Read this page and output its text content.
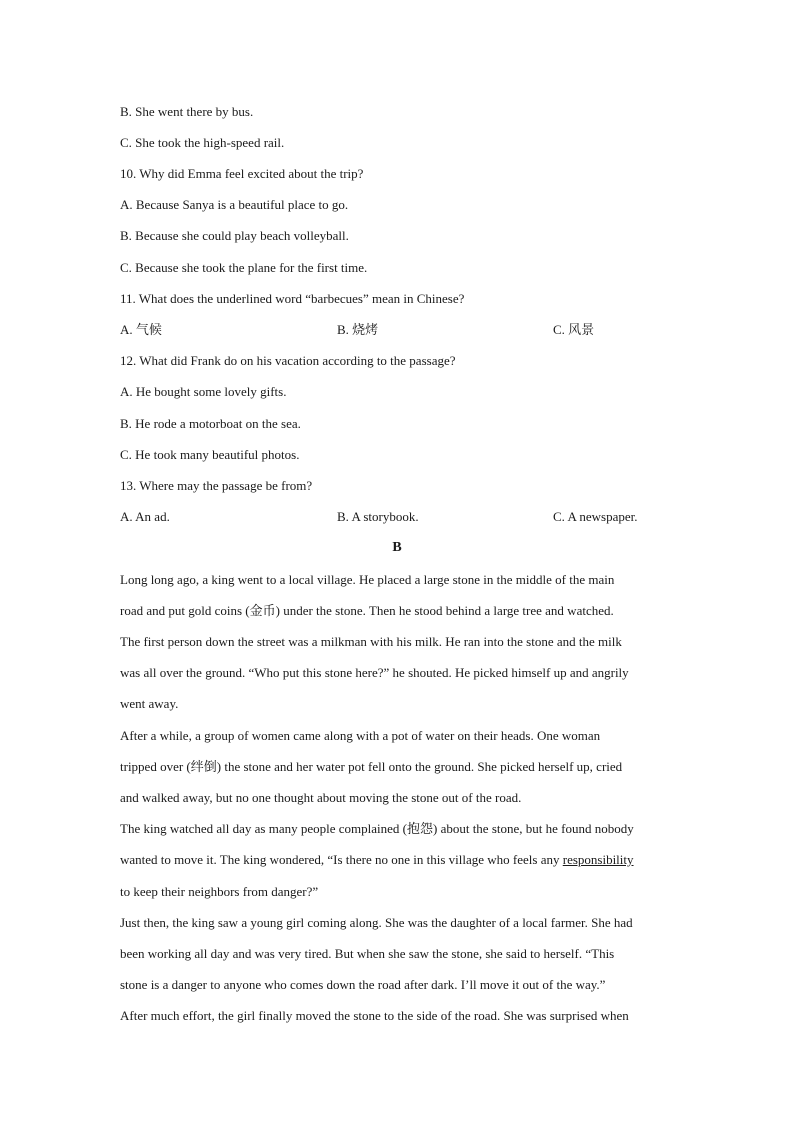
B. She went there by bus.
C. She took the high-speed rail.
10. Why did Emma feel excited about the trip?
A. Because Sanya is a beautiful place to go.
B. Because she could play beach volleyball.
C. Because she took the plane for the first time.
11. What does the underlined word “barbecues” mean in Chinese?
A. 气候	B. 烧烤	C. 风景
12. What did Frank do on his vacation according to the passage?
A. He bought some lovely gifts.
B. He rode a motorboat on the sea.
C. He took many beautiful photos.
13. Where may the passage be from?
A. An ad.	B. A storybook.	C. A newspaper.
B
Long long ago, a king went to a local village. He placed a large stone in the middle of the main
road and put gold coins (金币) under the stone. Then he stood behind a large tree and watched.
The first person down the street was a milkman with his milk. He ran into the stone and the milk
was all over the ground. “Who put this stone here?” he shouted. He picked himself up and angrily
went away.
After a while, a group of women came along with a pot of water on their heads. One woman
tripped over (绊倒) the stone and her water pot fell onto the ground. She picked herself up, cried
and walked away, but no one thought about moving the stone out of the road.
The king watched all day as many people complained (抱怨) about the stone, but he found nobody
wanted to move it. The king wondered, “Is there no one in this village who feels any responsibility
to keep their neighbors from danger?”
Just then, the king saw a young girl coming along. She was the daughter of a local farmer. She had
been working all day and was very tired. But when she saw the stone, she said to herself. “This
stone is a danger to anyone who comes down the road after dark. I’ll move it out of the way.”
After much effort, the girl finally moved the stone to the side of the road. She was surprised when
